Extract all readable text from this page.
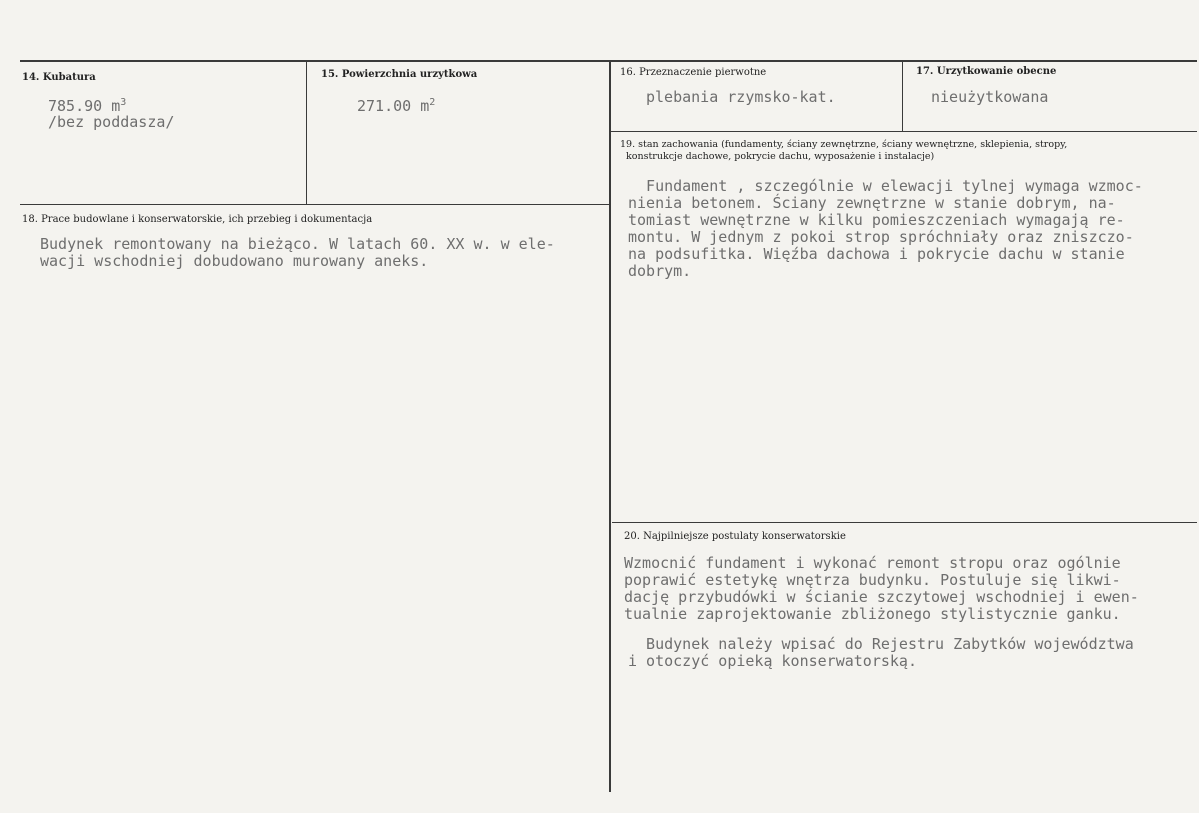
14. Kubatura
785.90 $m^3$
/bez poddasza/
15. Powierzchnia urzytkowa
271.00 $m^2$
16. Przeznaczenie pierwotne
plebania rzymsko-kat.
17. Urzytkowanie obecne
nieużytkowana
18. Prace budowlane i konserwatorskie, ich przebieg i dokumentacja
Budynek remontowany na bieżąco. W latach 60. XX w. w ele-
wacji wschodniej dobudowano murowany aneks.
19. stan zachowania (fundamenty, ściany zewnętrzne, ściany wewnętrzne, sklepienia, stropy,
konstrukcje dachowe, pokrycie dachu, wyposażenie i instalacje)
Fundament , szczególnie w elewacji tylnej wymaga wzmoc-
nienia betonem. Ściany zewnętrzne w stanie dobrym, na-
tomiast wewnętrzne w kilku pomieszczeniach wymagają re-
montu. W jednym z pokoi strop spróchniały oraz zniszczo-
na podsufitka. Więźba dachowa i pokrycie dachu w stanie
dobrym.
20. Najpilniejsze postulaty konserwatorskie
Wzmocnić fundament i wykonać remont stropu oraz ogólnie
poprawić estetykę wnętrza budynku. Postuluje się likwi-
dację przybudówki w ścianie szczytowej wschodniej i ewen-
tualnie zaprojektowanie zbliżonego stylistycznie ganku.
Budynek należy wpisać do Rejestru Zabytków województwa
i otoczyć opieką konserwatorską.
